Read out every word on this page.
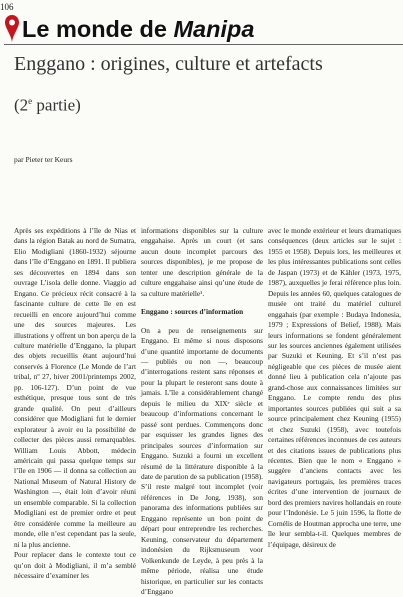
106
Le monde de Manipa
Enggano : origines, culture et artefacts
(2e partie)
par Pieter ter Keurs

Après ses expéditions à l’île de Nias et dans la région Batak au nord de Sumatra, Elio Modigliani (1860-1932) séjourne dans l’île d’Enggano en 1891. Il publiera ses découvertes en 1894 dans son ouvrage L’isola delle donne. Viaggio ad Engano. Ce précieux récit consacré à la fascinante culture de cette île en est recueilli en encore aujourd’hui comme une des sources majeures. Les illustrations y offrent un bon aperçu de la culture matérielle d’Enggano, la plupart des objets recueillis étant aujourd’hui conservés à Florence (Le Monde de l’art tribal, nº 27, hiver 2001/printemps 2002, pp. 106-127). D’un point de vue esthétique, presque tous sont de très grande qualité. On peut d’ailleurs considérer que Modigliani fut le dernier explorateur à avoir eu la possibilité de collecter des pièces aussi remarquables. William Louis Abbott, médecin américain qui passa quelque temps sur l’île en 1906 — il donna sa collection au National Museum of Natural History de Washington —, était loin d’avoir réuni un ensemble comparable. Si la collection Modigliani est de premier ordre et peut être considérée comme la meilleure au monde, elle n’est cependant pas la seule, ni la plus ancienne.

Pour replacer dans le contexte tout ce qu’on doit à Modigliani, il m’a semblé nécessaire d’examiner les

informations disponibles sur la culture enggahaise. Après un court (et sans aucun doute incomplet parcours des sources disponibles), je me propose de tenter une description générale de la culture enggahaise ainsi qu’une étude de sa culture matérielle¹.

Enggano : sources d’information

On a peu de renseignements sur Enggano. Et même si nous disposons d’une quantité importante de documents — publiés ou non —, beaucoup d’interrogations restent sans réponses et pour la plupart le resteront sans doute à jamais. L’île a considérablement changé depuis le milieu du XIXᵉ siècle et beaucoup d’informations concernant le passé sont perdues. Commençons donc par esquisser les grandes lignes des principales sources d’information sur Enggano. Suzuki a fourni un excellent résumé de la littérature disponible à la date de parution de sa publication (1958). S’il reste malgré tout incomplet (voir références in De Jong, 1938), son panorama des informations publiées sur Enggano représente un bon point de départ pour entreprendre les recherches. Keuning, conservateur du département indonésien du Rijksmuseum voor Volkenkunde de Leyde, à peu près à la même période, réalisa une étude historique, en particulier sur les contacts d’Enggano

avec le monde extérieur et leurs dramatiques conséquences (deux articles sur le sujet : 1955 et 1958). Depuis lors, les meilleures et les plus intéressantes publications sont celles de Jaspan (1973) et de Kähler (1973, 1975, 1987), auxquelles je ferai référence plus loin. Depuis les années 60, quelques catalogues de musée ont traité du matériel culturel enggahais (par exemple : Budaya Indonesia, 1979 ; Expressions of Belief, 1988). Mais leurs informations se fondent généralement sur les sources anciennes également utilisées par Suzuki et Keuning. Et s’il n’est pas négligeable que ces pièces de musée aient donné lieu à publication cela n’ajoute pas grand-chose aux connaissances limitées sur Enggano. Le compte rendu des plus importantes sources publiées qui suit a sa source principalement chez Keuning (1955) et chez Suzuki (1958), avec toutefois certaines références inconnues de ces auteurs et des citations issues de publications plus récentes. Bien que le nom « Enggano » suggère d’anciens contacts avec les navigateurs portugais, les premières traces écrites d’une intervention de journaux de bord des premiers navires hollandais en route pour l’Indonésie. Le 5 juin 1596, la flotte de Cornélis de Houtman approcha une terre, une île leur sembla-t-il. Quelques membres de l’équipage, désireux de
